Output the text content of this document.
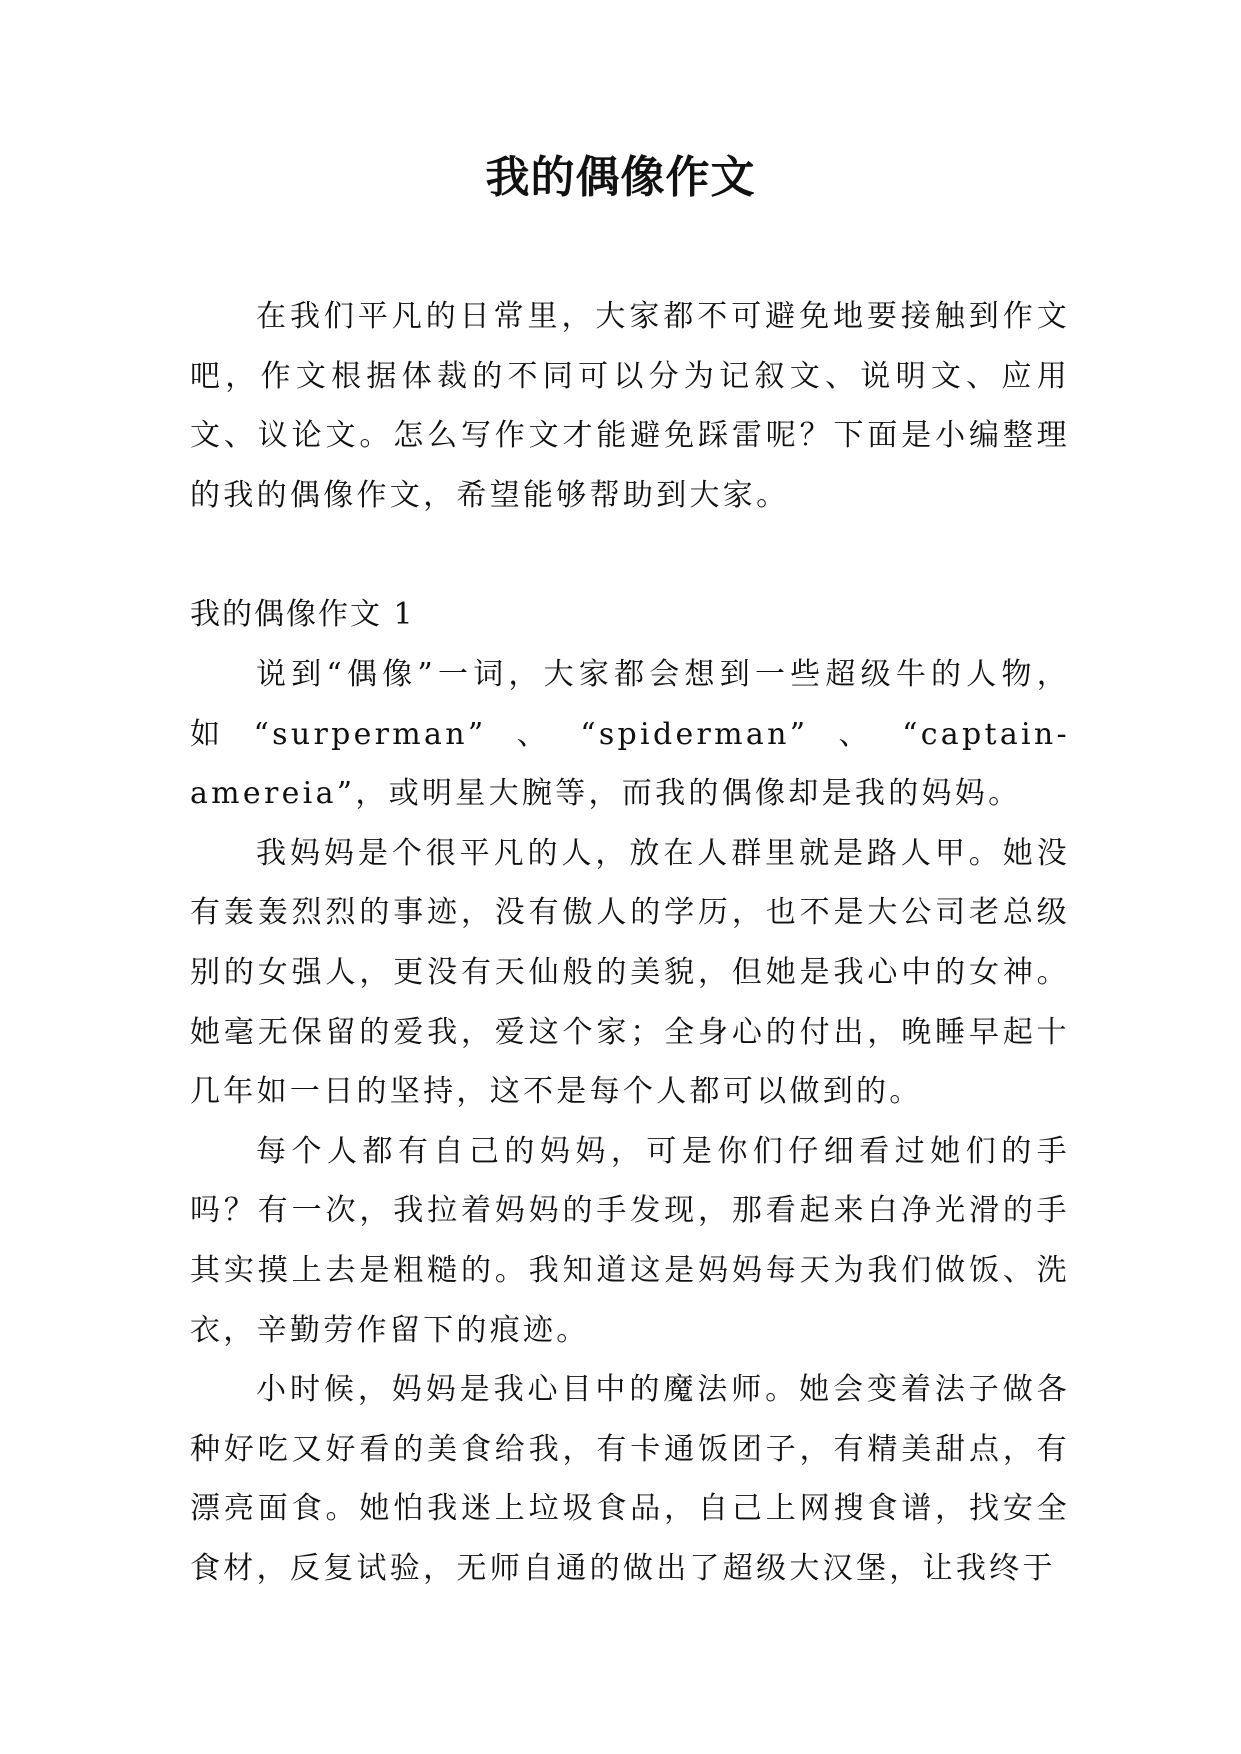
我的偶像作文

在我们平凡的日常里，大家都不可避免地要接触到作文吧，作文根据体裁的不同可以分为记叙文、说明文、应用文、议论文。怎么写作文才能避免踩雷呢？下面是小编整理的我的偶像作文，希望能够帮助到大家。

我的偶像作文 1

说到“偶像”一词，大家都会想到一些超级牛的人物，如“surperman”、“spiderman”、“captain-amereia”，或明星大腕等，而我的偶像却是我的妈妈。

我妈妈是个很平凡的人，放在人群里就是路人甲。她没有轰轰烈烈的事迹，没有傲人的学历，也不是大公司老总级别的女强人，更没有天仙般的美貌，但她是我心中的女神。她毫无保留的爱我，爱这个家；全身心的付出，晚睡早起十几年如一日的坚持，这不是每个人都可以做到的。

每个人都有自己的妈妈，可是你们仔细看过她们的手吗？有一次，我拉着妈妈的手发现，那看起来白净光滑的手其实摸上去是粗糙的。我知道这是妈妈每天为我们做饭、洗衣，辛勤劳作留下的痕迹。

小时候，妈妈是我心目中的魔法师。她会变着法子做各种好吃又好看的美食给我，有卡通饭团子，有精美甜点，有漂亮面食。她怕我迷上垃圾食品，自己上网搜食谱，找安全食材，反复试验，无师自通的做出了超级大汉堡，让我终于
